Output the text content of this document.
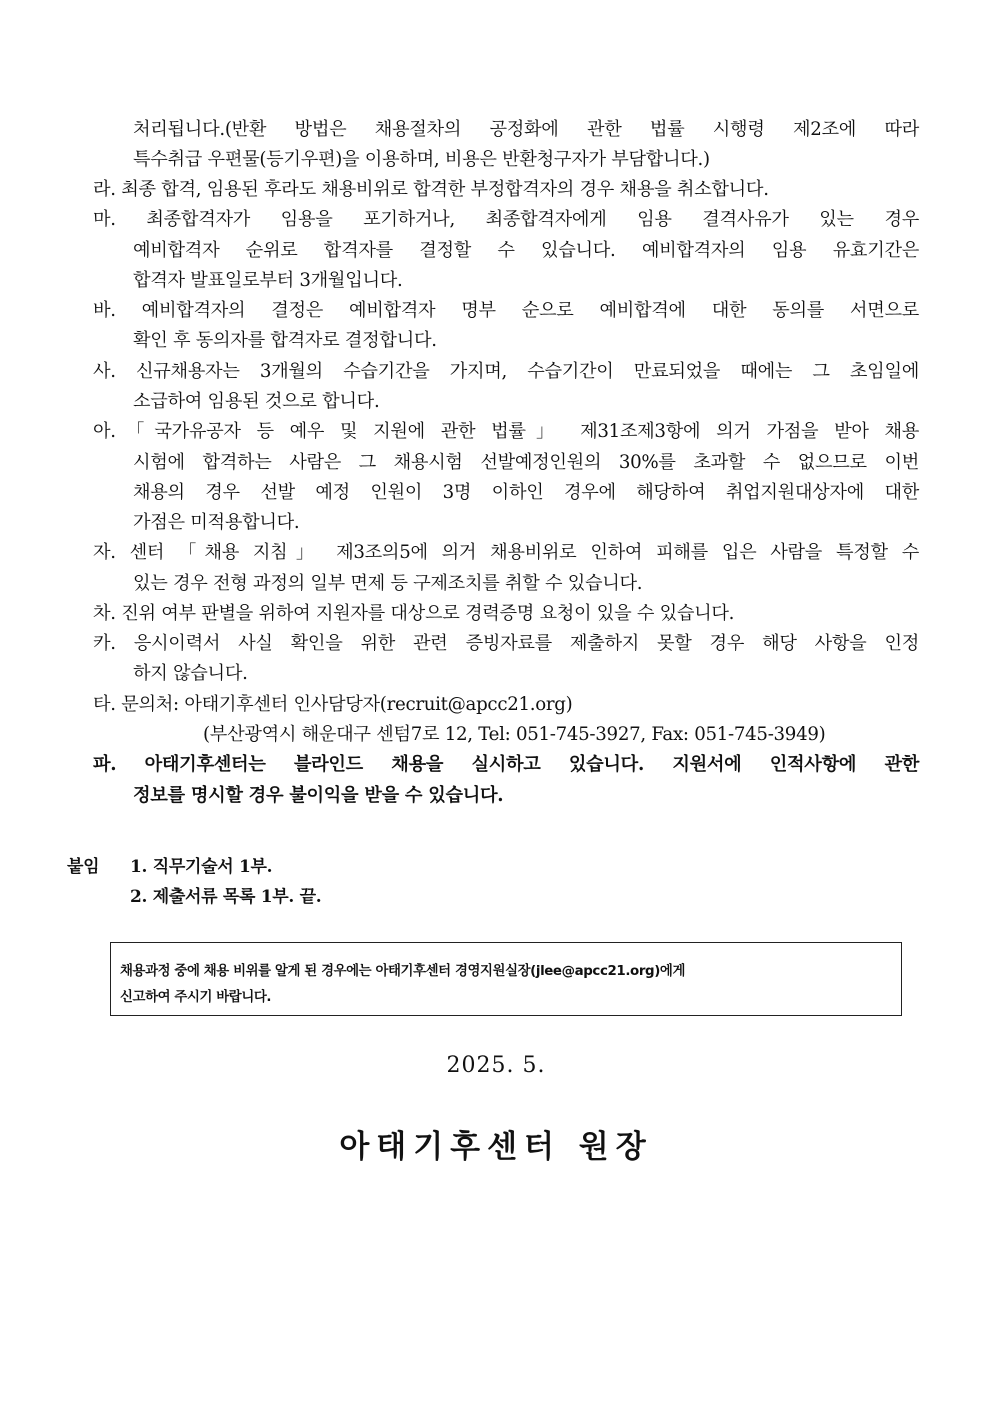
처리됩니다.(반환 방법은 채용절차의 공정화에 관한 법률 시행령 제2조에 따라
특수취급 우편물(등기우편)을 이용하며, 비용은 반환청구자가 부담합니다.)
라. 최종 합격, 임용된 후라도 채용비위로 합격한 부정합격자의 경우 채용을 취소합니다.
마. 최종합격자가 임용을 포기하거나, 최종합격자에게 임용 결격사유가 있는 경우
예비합격자 순위로 합격자를 결정할 수 있습니다. 예비합격자의 임용 유효기간은
합격자 발표일로부터 3개월입니다.
바. 예비합격자의 결정은 예비합격자 명부 순으로 예비합격에 대한 동의를 서면으로
확인 후 동의자를 합격자로 결정합니다.
사. 신규채용자는 3개월의 수습기간을 가지며, 수습기간이 만료되었을 때에는 그 초임일에
소급하여 임용된 것으로 합니다.
아.「국가유공자 등 예우 및 지원에 관한 법률」 제31조제3항에 의거 가점을 받아 채용
시험에 합격하는 사람은 그 채용시험 선발예정인원의 30%를 초과할 수 없으므로 이번
채용의 경우 선발 예정 인원이 3명 이하인 경우에 해당하여 취업지원대상자에 대한
가점은 미적용합니다.
자. 센터 「채용 지침」 제3조의5에 의거 채용비위로 인하여 피해를 입은 사람을 특정할 수
있는 경우 전형 과정의 일부 면제 등 구제조치를 취할 수 있습니다.
차. 진위 여부 판별을 위하여 지원자를 대상으로 경력증명 요청이 있을 수 있습니다.
카. 응시이력서 사실 확인을 위한 관련 증빙자료를 제출하지 못할 경우 해당 사항을 인정
하지 않습니다.
타. 문의처: 아태기후센터 인사담당자(recruit@apcc21.org)
(부산광역시 해운대구 센텀7로 12, Tel: 051-745-3927, Fax: 051-745-3949)
파. 아태기후센터는 블라인드 채용을 실시하고 있습니다. 지원서에 인적사항에 관한
정보를 명시할 경우 불이익을 받을 수 있습니다.
붙임 1. 직무기술서 1부.
2. 제출서류 목록 1부. 끝.
채용과정 중에 채용 비위를 알게 된 경우에는 아태기후센터 경영지원실장(jlee@apcc21.org)에게
신고하여 주시기 바랍니다.
2025. 5.
아태기후센터 원장
